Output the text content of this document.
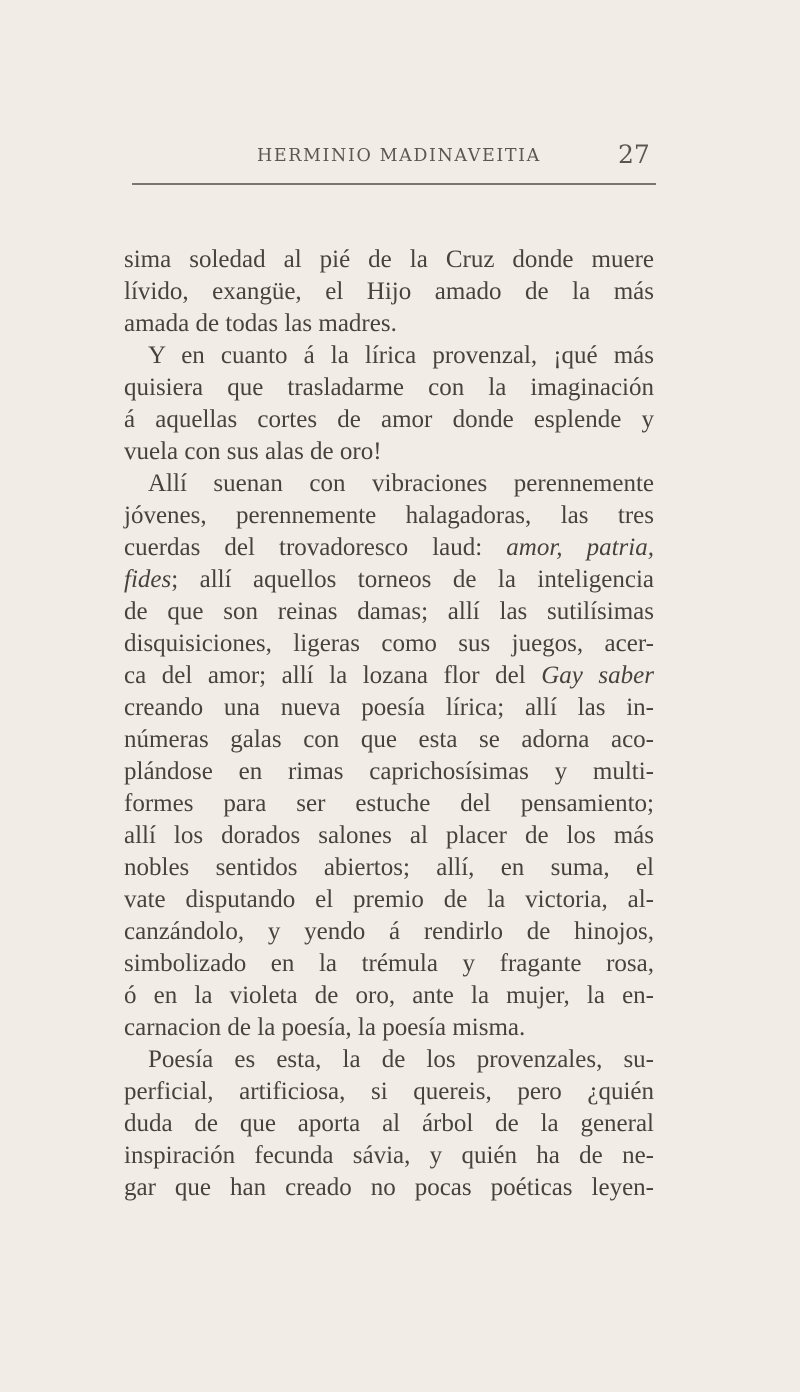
HERMINIO MADINAVEITIA	27
sima soledad al pié de la Cruz donde muere
lívido, exangüe, el Hijo amado de la más
amada de todas las madres.
Y en cuanto á la lírica provenzal, ¡qué más
quisiera que trasladarme con la imaginación
á aquellas cortes de amor donde esplende y
vuela con sus alas de oro!
Allí suenan con vibraciones perennemente
jóvenes, perennemente halagadoras, las tres
cuerdas del trovadoresco laud: amor, patria,
fides; allí aquellos torneos de la inteligencia
de que son reinas damas; allí las sutilísimas
disquisiciones, ligeras como sus juegos, acer-
ca del amor; allí la lozana flor del Gay saber
creando una nueva poesía lírica; allí las in-
númeras galas con que esta se adorna aco-
plándose en rimas caprichosísimas y multi-
formes para ser estuche del pensamiento;
allí los dorados salones al placer de los más
nobles sentidos abiertos; allí, en suma, el
vate disputando el premio de la victoria, al-
canzándolo, y yendo á rendirlo de hinojos,
simbolizado en la trémula y fragante rosa,
ó en la violeta de oro, ante la mujer, la en-
carnacion de la poesía, la poesía misma.
Poesía es esta, la de los provenzales, su-
perficial, artificiosa, si quereis, pero ¿quién
duda de que aporta al árbol de la general
inspiración fecunda sávia, y quién ha de ne-
gar que han creado no pocas poéticas leyen-
